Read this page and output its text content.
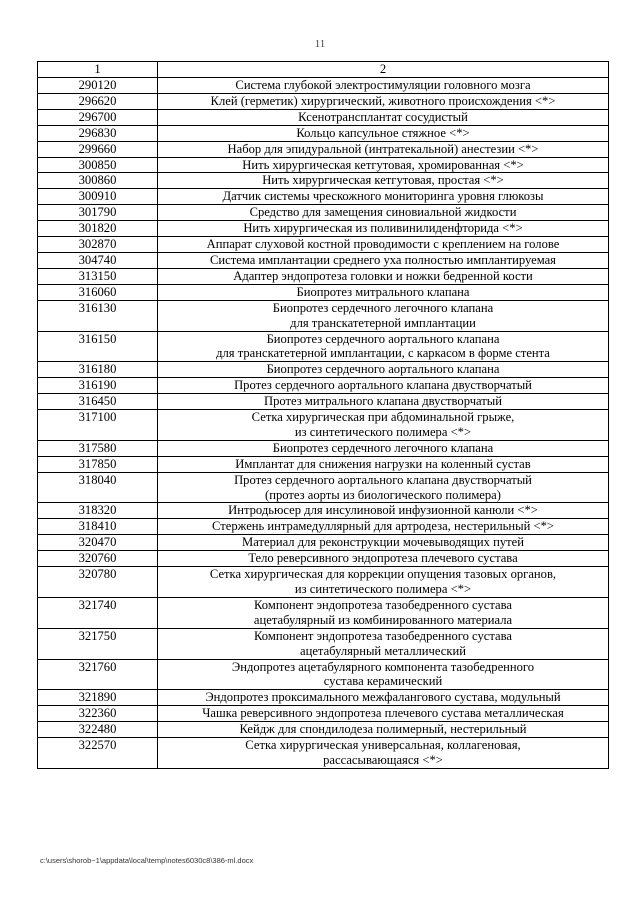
11
1	2
290120	Система глубокой электростимуляции головного мозга

296620	Клей (герметик) хирургический, животного происхождения <*>

296700	Ксенотрансплантат сосудистый

296830	Кольцо капсульное стяжное <*>

299660	Набор для эпидуральной (интратекальной) анестезии <*>

300850	Нить хирургическая кетгутовая, хромированная <*>

300860	Нить хирургическая кетгутовая, простая <*>

300910	Датчик системы чрескожного мониторинга уровня глюкозы

301790	Средство для замещения синовиальной жидкости

301820	Нить хирургическая из поливинилиденфторида <*>

302870	Аппарат слуховой костной проводимости с креплением на голове

304740	Система имплантации среднего уха полностью имплантируемая

313150	Адаптер эндопротеза головки и ножки бедренной кости

316060	Биопротез митрального клапана

316130	Биопротез сердечного легочного клапана
для транскатетерной имплантации

316150	Биопротез сердечного аортального клапана
для транскатетерной имплантации, с каркасом в форме стента

316180	Биопротез сердечного аортального клапана

316190	Протез сердечного аортального клапана двустворчатый

316450	Протез митрального клапана двустворчатый

317100	Сетка хирургическая при абдоминальной грыже,
из синтетического полимера <*>

317580	Биопротез сердечного легочного клапана

317850	Имплантат для снижения нагрузки на коленный сустав

318040	Протез сердечного аортального клапана двустворчатый
(протез аорты из биологического полимера)

318320	Интродьюсер для инсулиновой инфузионной канюли <*>

318410	Стержень интрамедуллярный для артродеза, нестерильный <*>

320470	Материал для реконструкции мочевыводящих путей

320760	Тело реверсивного эндопротеза плечевого сустава

320780	Сетка хирургическая для коррекции опущения тазовых органов,
из синтетического полимера <*>

321740	Компонент эндопротеза тазобедренного сустава
ацетабулярный из комбинированного материала

321750	Компонент эндопротеза тазобедренного сустава
ацетабулярный металлический

321760	Эндопротез ацетабулярного компонента тазобедренного
сустава керамический

321890	Эндопротез проксимального межфалангового сустава, модульный

322360	Чашка реверсивного эндопротеза плечевого сустава металлическая

322480	Кейдж для спондилодеза полимерный, нестерильный

322570	Сетка хирургическая универсальная, коллагеновая,
рассасывающаяся <*>
c:\users\shorob~1\appdata\local\temp\notes6030c8\386-ml.docx
